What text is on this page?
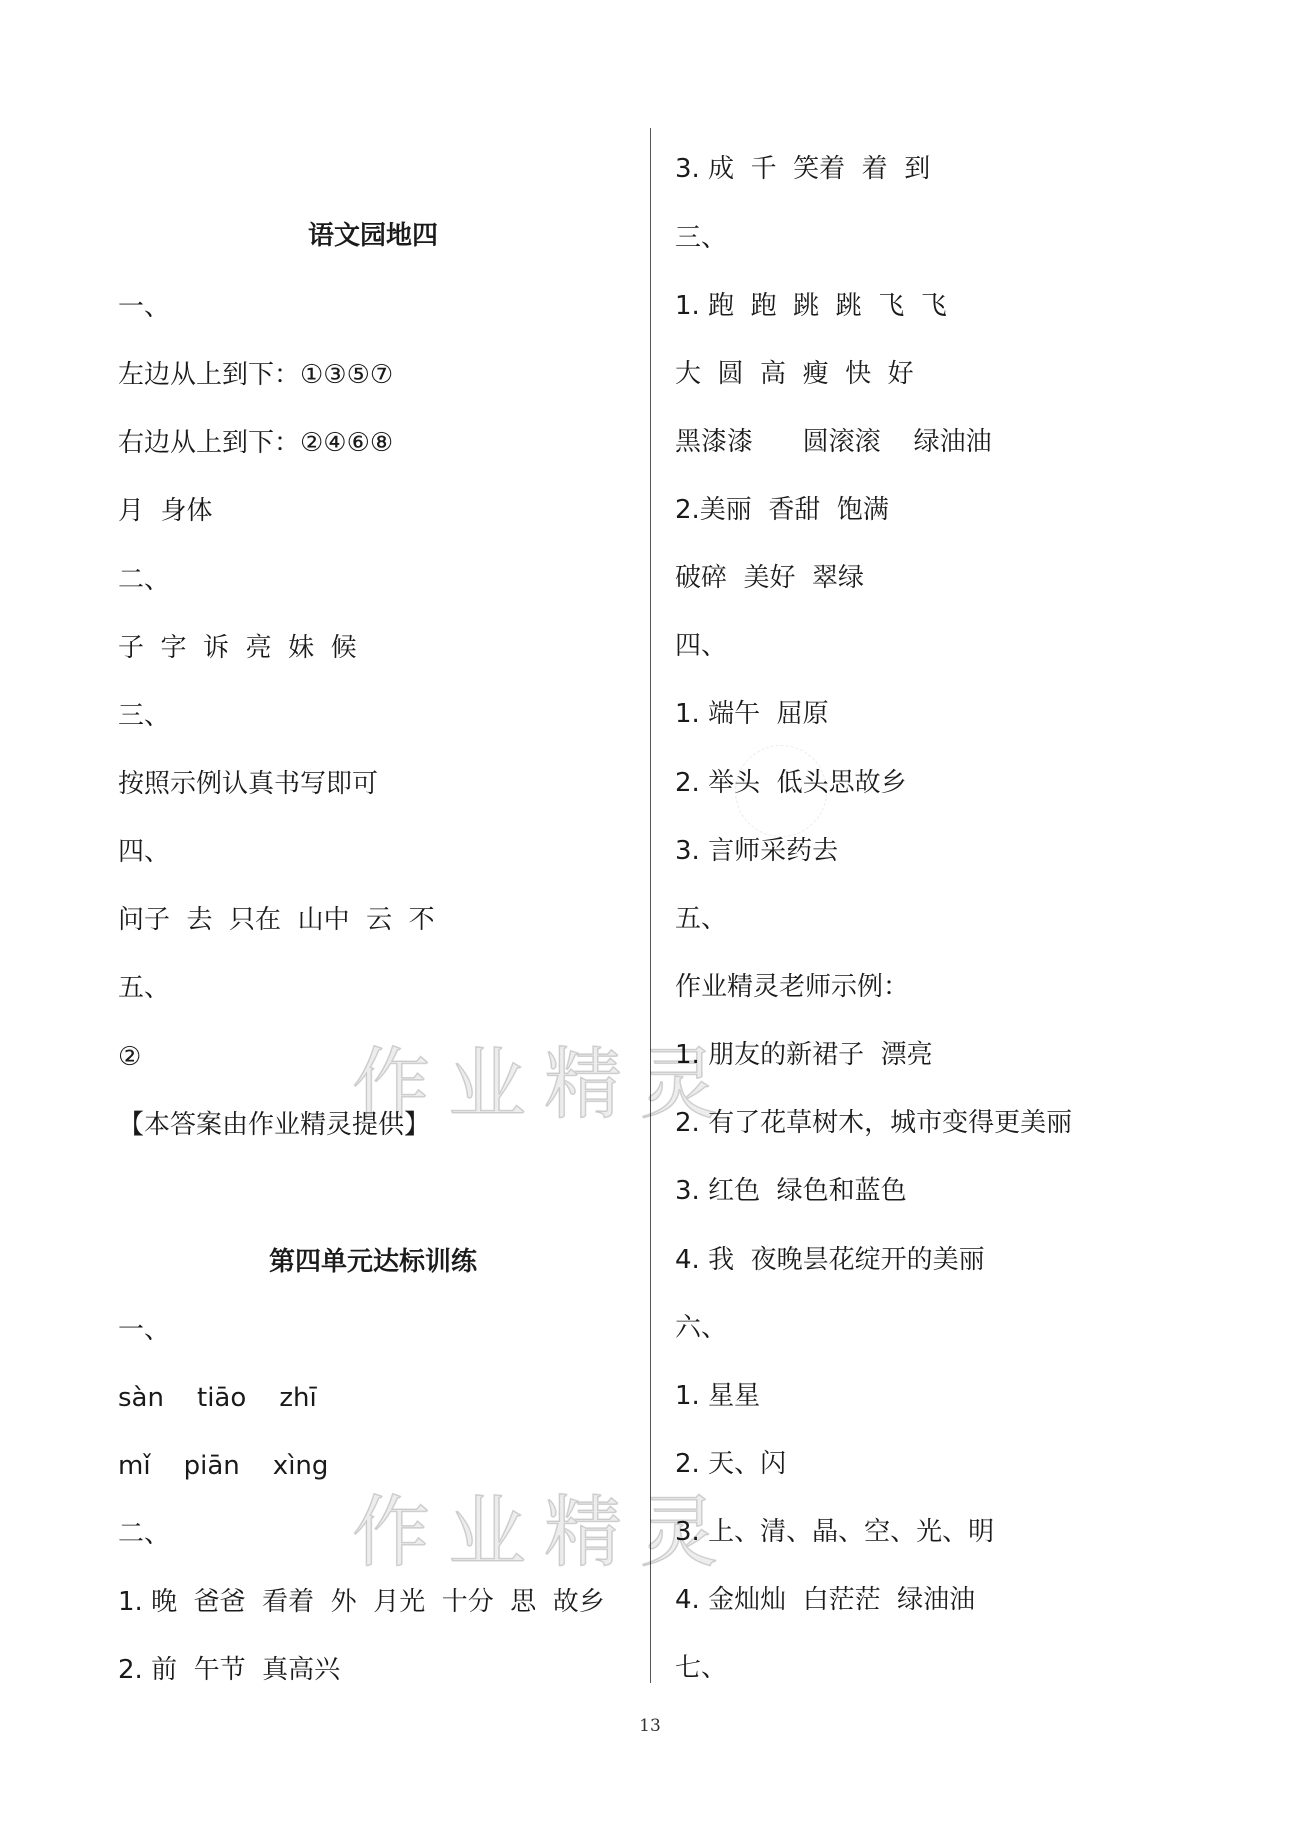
语文园地四
一、
左边从上到下：①③⑤⑦
右边从上到下：②④⑥⑧
月  身体
二、
子  字  诉  亮  妹  候
三、
按照示例认真书写即可
四、
问子  去  只在  山中  云  不
五、
②
【本答案由作业精灵提供】
第四单元达标训练
一、
sàn    tiāo    zhī
mǐ    piān    xìng
二、
1. 晚  爸爸  看着  外  月光  十分  思  故乡
2. 前  午节  真高兴
3. 成  千  笑着  着  到
三、
1. 跑  跑  跳  跳  飞  飞
大  圆  高  瘦  快  好
黑漆漆      圆滚滚    绿油油
2.美丽  香甜  饱满
破碎  美好  翠绿
四、
1. 端午  屈原
2. 举头  低头思故乡
3. 言师采药去
五、
作业精灵老师示例：
1. 朋友的新裙子  漂亮
2. 有了花草树木，城市变得更美丽
3. 红色  绿色和蓝色
4. 我  夜晚昙花绽开的美丽
六、
1. 星星
2. 天、闪
3. 上、清、晶、空、光、明
4. 金灿灿  白茫茫  绿油油
七、
作业精灵
作业精灵
13
